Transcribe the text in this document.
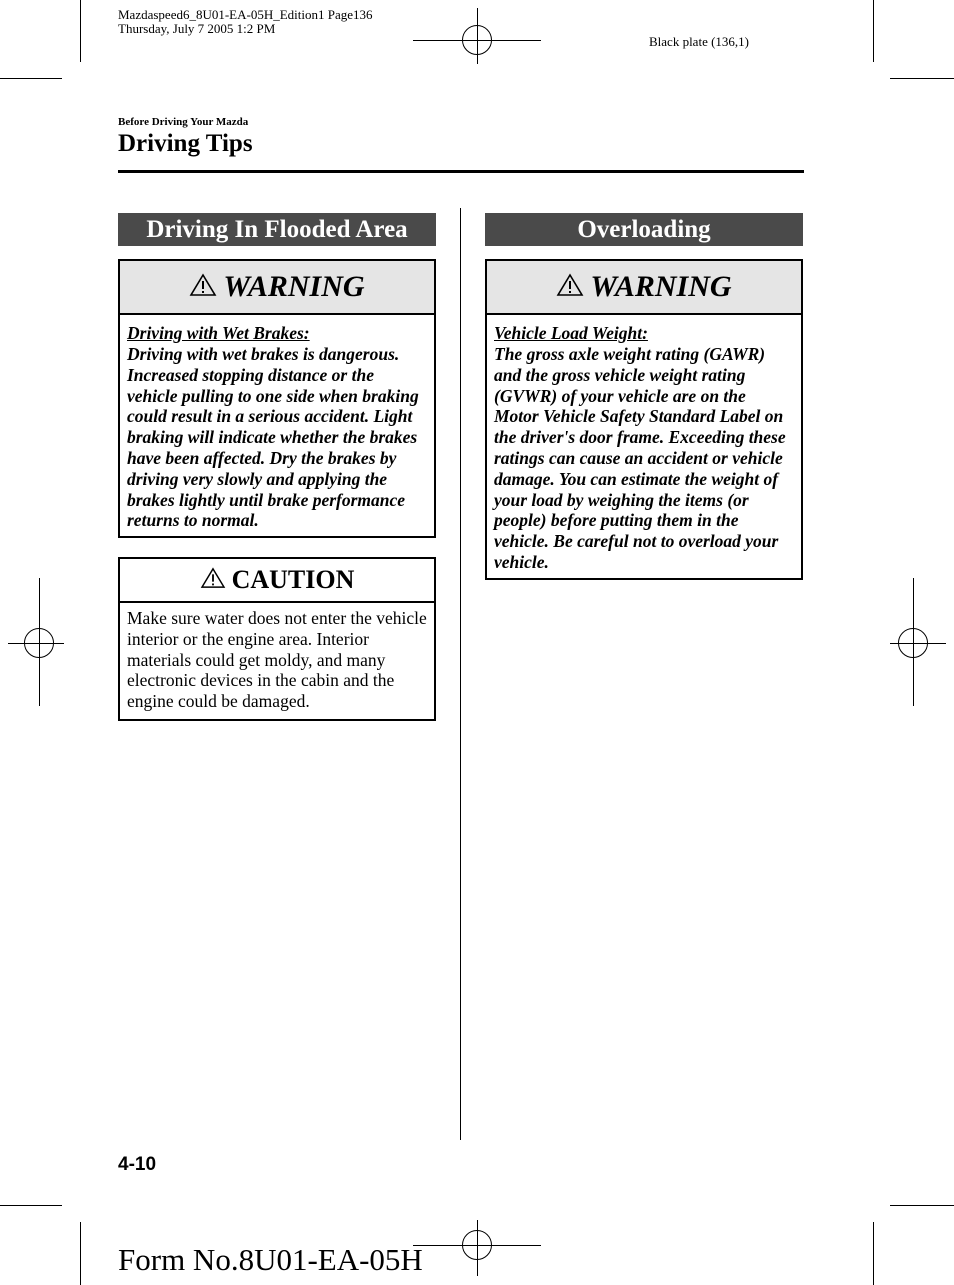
Mazdaspeed6_8U01-EA-05H_Edition1 Page136
Thursday, July 7 2005 1:2 PM
Black plate (136,1)
Before Driving Your Mazda
Driving Tips
Driving In Flooded Area
WARNING
Driving with Wet Brakes:
Driving with wet brakes is dangerous. Increased stopping distance or the vehicle pulling to one side when braking could result in a serious accident. Light braking will indicate whether the brakes have been affected. Dry the brakes by driving very slowly and applying the brakes lightly until brake performance returns to normal.
CAUTION
Make sure water does not enter the vehicle interior or the engine area. Interior materials could get moldy, and many electronic devices in the cabin and the engine could be damaged.
Overloading
WARNING
Vehicle Load Weight:
The gross axle weight rating (GAWR) and the gross vehicle weight rating (GVWR) of your vehicle are on the Motor Vehicle Safety Standard Label on the driver's door frame. Exceeding these ratings can cause an accident or vehicle damage. You can estimate the weight of your load by weighing the items (or people) before putting them in the vehicle. Be careful not to overload your vehicle.
4-10
Form No.8U01-EA-05H
